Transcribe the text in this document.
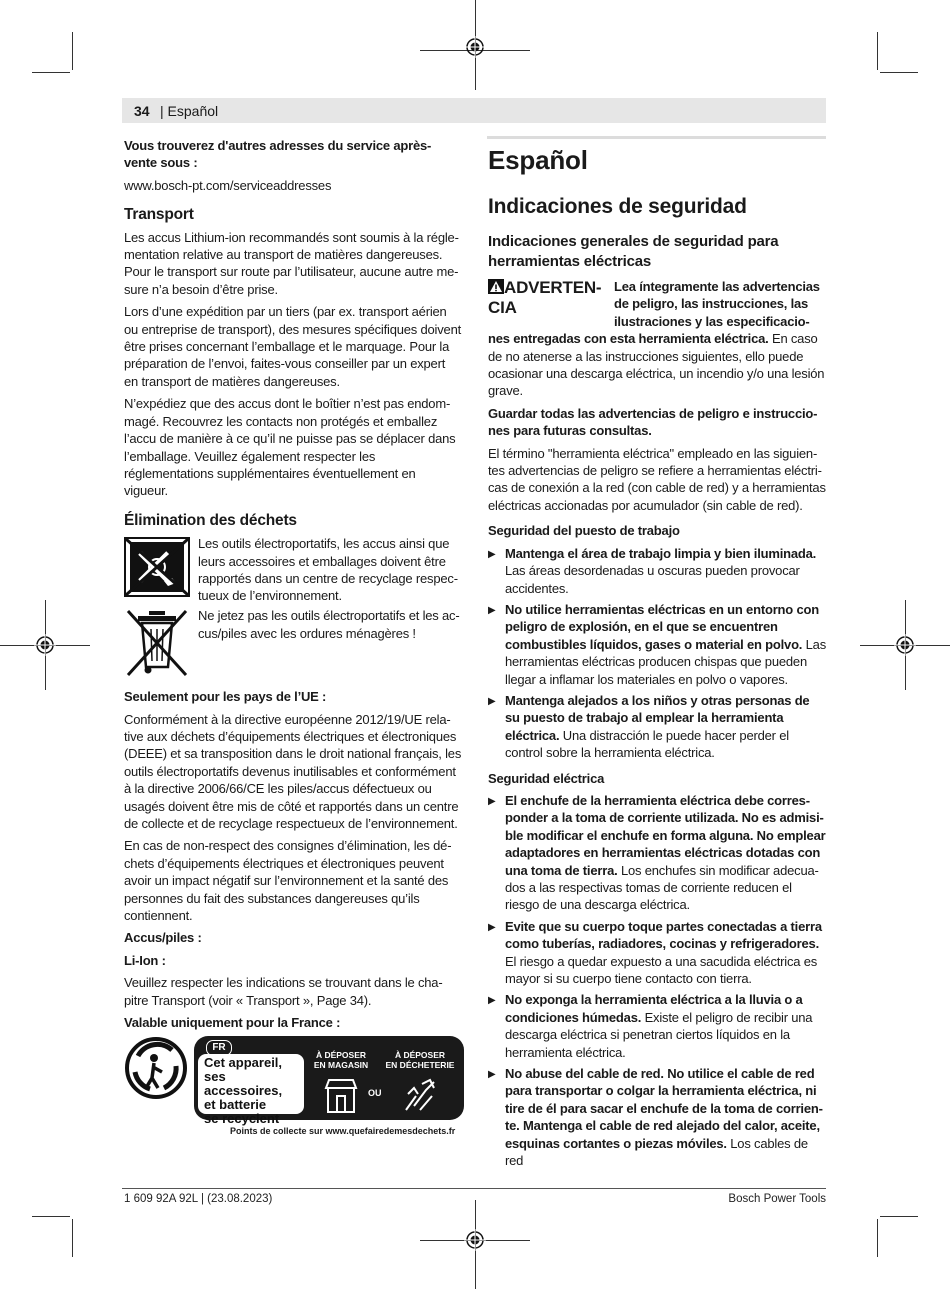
34 | Español

Vous trouverez d'autres adresses du service après-vente sous :

www.bosch-pt.com/serviceaddresses

Transport

Les accus Lithium-ion recommandés sont soumis à la réglementation relative au transport de matières dangereuses. Pour le transport sur route par l’utilisateur, aucune autre mesure n’a besoin d’être prise.

Lors d’une expédition par un tiers (par ex. transport aérien ou entreprise de transport), des mesures spécifiques doivent être prises concernant l’emballage et le marquage. Pour la préparation de l’envoi, faites-vous conseiller par un expert en transport de matières dangereuses.

N’expédiez que des accus dont le boîtier n’est pas endommagé. Recouvrez les contacts non protégés et emballez l’accu de manière à ce qu’il ne puisse pas se déplacer dans l’emballage. Veuillez également respecter les réglementations supplémentaires éventuellement en vigueur.

Élimination des déchets

Les outils électroportatifs, les accus ainsi que leurs accessoires et emballages doivent être rapportés dans un centre de recyclage respectueux de l’environnement.

Ne jetez pas les outils électroportatifs et les accus/piles avec les ordures ménagères !

Seulement pour les pays de l’UE :

Conformément à la directive européenne 2012/19/UE relative aux déchets d’équipements électriques et électroniques (DEEE) et sa transposition dans le droit national français, les outils électroportatifs devenus inutilisables et conformément à la directive 2006/66/CE les piles/accus défectueux ou usagés doivent être mis de côté et rapportés dans un centre de collecte et de recyclage respectueux de l’environnement.

En cas de non-respect des consignes d’élimination, les déchets d’équipements électriques et électroniques peuvent avoir un impact négatif sur l’environnement et la santé des personnes du fait des substances dangereuses qu’ils contiennent.

Accus/piles :

Li-Ion :

Veuillez respecter les indications se trouvant dans le chapitre Transport (voir « Transport », Page 34).

Valable uniquement pour la France :

FR
Cet appareil,
ses accessoires,
et batterie
se recyclent
À DÉPOSER
EN MAGASIN
OU
À DÉPOSER
EN DÉCHETERIE
Points de collecte sur www.quefairedemesdechets.fr
Español
Indicaciones de seguridad
Indicaciones generales de seguridad para herramientas eléctricas
ADVERTENCIA

Lea íntegramente las advertencias de peligro, las instrucciones, las ilustraciones y las especificaciones entregadas con esta herramienta eléctrica. En caso de no atenerse a las instrucciones siguientes, ello puede ocasionar una descarga eléctrica, un incendio y/o una lesión grave.

Guardar todas las advertencias de peligro e instrucciones para futuras consultas.

El término "herramienta eléctrica" empleado en las siguientes advertencias de peligro se refiere a herramientas eléctricas de conexión a la red (con cable de red) y a herramientas eléctricas accionadas por acumulador (sin cable de red).

Seguridad del puesto de trabajo

▶ Mantenga el área de trabajo limpia y bien iluminada. Las áreas desordenadas u oscuras pueden provocar accidentes.
▶ No utilice herramientas eléctricas en un entorno con peligro de explosión, en el que se encuentren combustibles líquidos, gases o material en polvo. Las herramientas eléctricas producen chispas que pueden llegar a inflamar los materiales en polvo o vapores.
▶ Mantenga alejados a los niños y otras personas de su puesto de trabajo al emplear la herramienta eléctrica. Una distracción le puede hacer perder el control sobre la herramienta eléctrica.

Seguridad eléctrica

▶ El enchufe de la herramienta eléctrica debe corresponder a la toma de corriente utilizada. No es admisible modificar el enchufe en forma alguna. No emplear adaptadores en herramientas eléctricas dotadas con una toma de tierra. Los enchufes sin modificar adecuados a las respectivas tomas de corriente reducen el riesgo de una descarga eléctrica.
▶ Evite que su cuerpo toque partes conectadas a tierra como tuberías, radiadores, cocinas y refrigeradores. El riesgo a quedar expuesto a una sacudida eléctrica es mayor si su cuerpo tiene contacto con tierra.
▶ No exponga la herramienta eléctrica a la lluvia o a condiciones húmedas. Existe el peligro de recibir una descarga eléctrica si penetran ciertos líquidos en la herramienta eléctrica.
▶ No abuse del cable de red. No utilice el cable de red para transportar o colgar la herramienta eléctrica, ni tire de él para sacar el enchufe de la toma de corriente. Mantenga el cable de red alejado del calor, aceite, esquinas cortantes o piezas móviles. Los cables de red
1 609 92A 92L | (23.08.2023)	Bosch Power Tools
